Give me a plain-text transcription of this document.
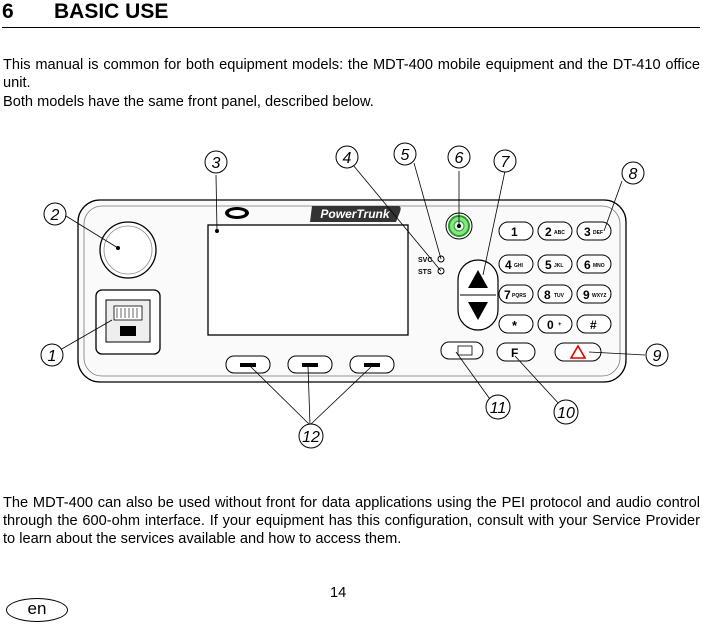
6 BASIC USE

This manual is common for both equipment models: the MDT-400 mobile equipment and the DT-410 office unit.

Both models have the same front panel, described below.

PowerTrunk
SVC
STS
1 2 ABC 3 DEF
4 GHI 5 JKL 6 MNO
7 PQRS 8 TUV 9 WXYZ
* 0 + #
F
1
2
3	4	5	6 7
8
9
10
11
12

The MDT-400 can also be used without front for data applications using the PEI protocol and audio control through the 600-ohm interface. If your equipment has this configuration, consult with your Service Provider to learn about the services available and how to access them.

14
en
